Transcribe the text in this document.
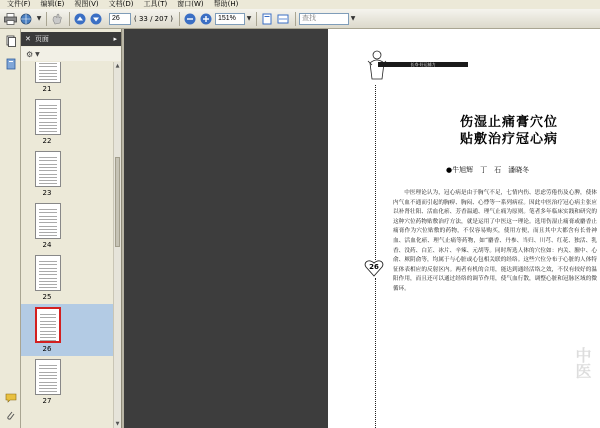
文件(F)	编辑(E)	视图(V)	文档(D)	工具(T)	窗口(W)	帮助(H)
▼
26	( 33 / 207 )
151%	▼
查找	▼
✕ 页面	▸
⚙ ▼
21
22
23
24
25
26
27
▲
▼
长寿·好运铺力
26
伤湿止痛膏穴位
贴敷治疗冠心病
●牛旭辉　丁　石　潘晓冬

中医理论认为，冠心病是由于胸气不足，七情内伤、思虑劳倦伤及心脾，使体内气血不通而引起的胸痹、胸闷、心悸等一系列病症。因此中医治疗冠心病主张应以补肾壮阳、活血化瘀、芳香温通、理气止痛为原则。笔者多年临床实践和研究的这种穴位药物贴敷治疗方法，就是运用了中医这一理论。选用伤湿止痛膏或麝香止痛膏作为穴位贴敷的药物，不仅容易购买，使用方便，而且其中大都含有长骨神血、活血化瘀、理气止痛等药物，如“麝香、丹参、当归、川芎、红花、独活、乳香、没药、白芷、冰片、辛辣、元胡等。同时所选人体的穴位如：内关、膻中、心俞、厥阴俞等，均属于与心脏或心包相关联的经络。这些穴位分布于心脏的人体特征体表相应的反射区内。两者有机的合用，能达到通经活络之效，不仅有较好的温阳作用，而且还可以通过经络的调节作用，使气血行散，调整心脏和冠脉区域的微循环。

中医
